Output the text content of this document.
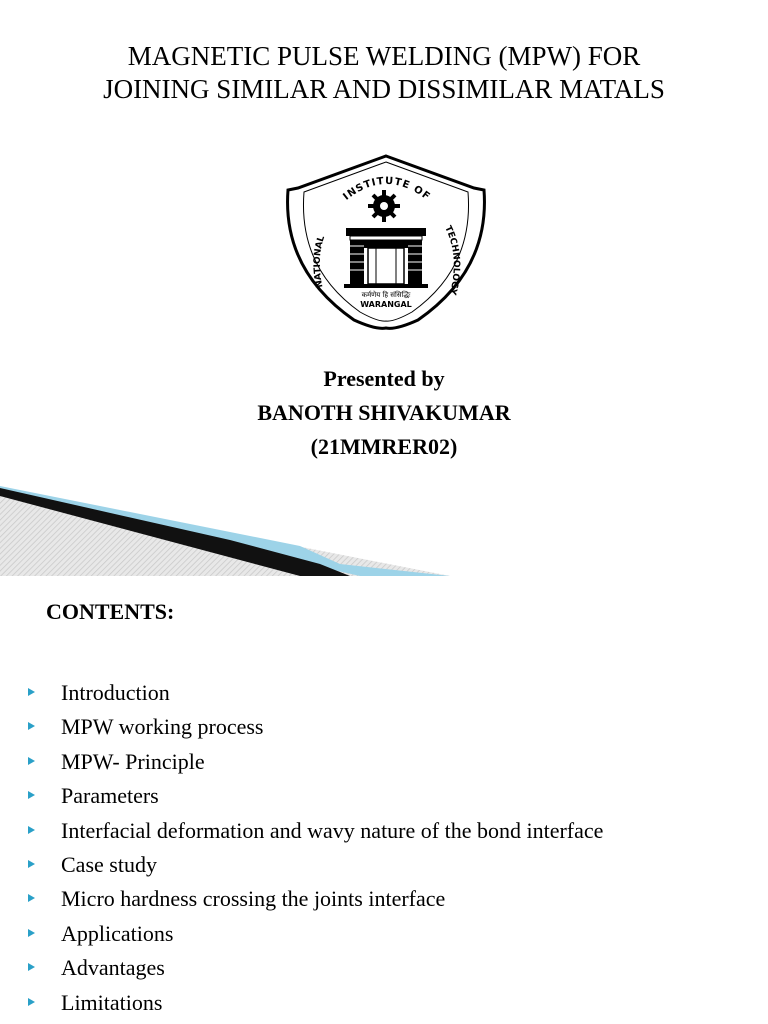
MAGNETIC PULSE WELDING (MPW) FOR
JOINING SIMILAR AND DISSIMILAR MATALS
INSTITUTE OF
NATIONAL
TECHNOLOGY
कर्मणेय हि संसिद्धिः
WARANGAL
Presented by
BANOTH SHIVAKUMAR
(21MMRER02)
CONTENTS:
Introduction
MPW working process
MPW- Principle
Parameters
Interfacial deformation and wavy nature of the bond interface
Case study
Micro hardness crossing the joints interface
Applications
Advantages
Limitations
